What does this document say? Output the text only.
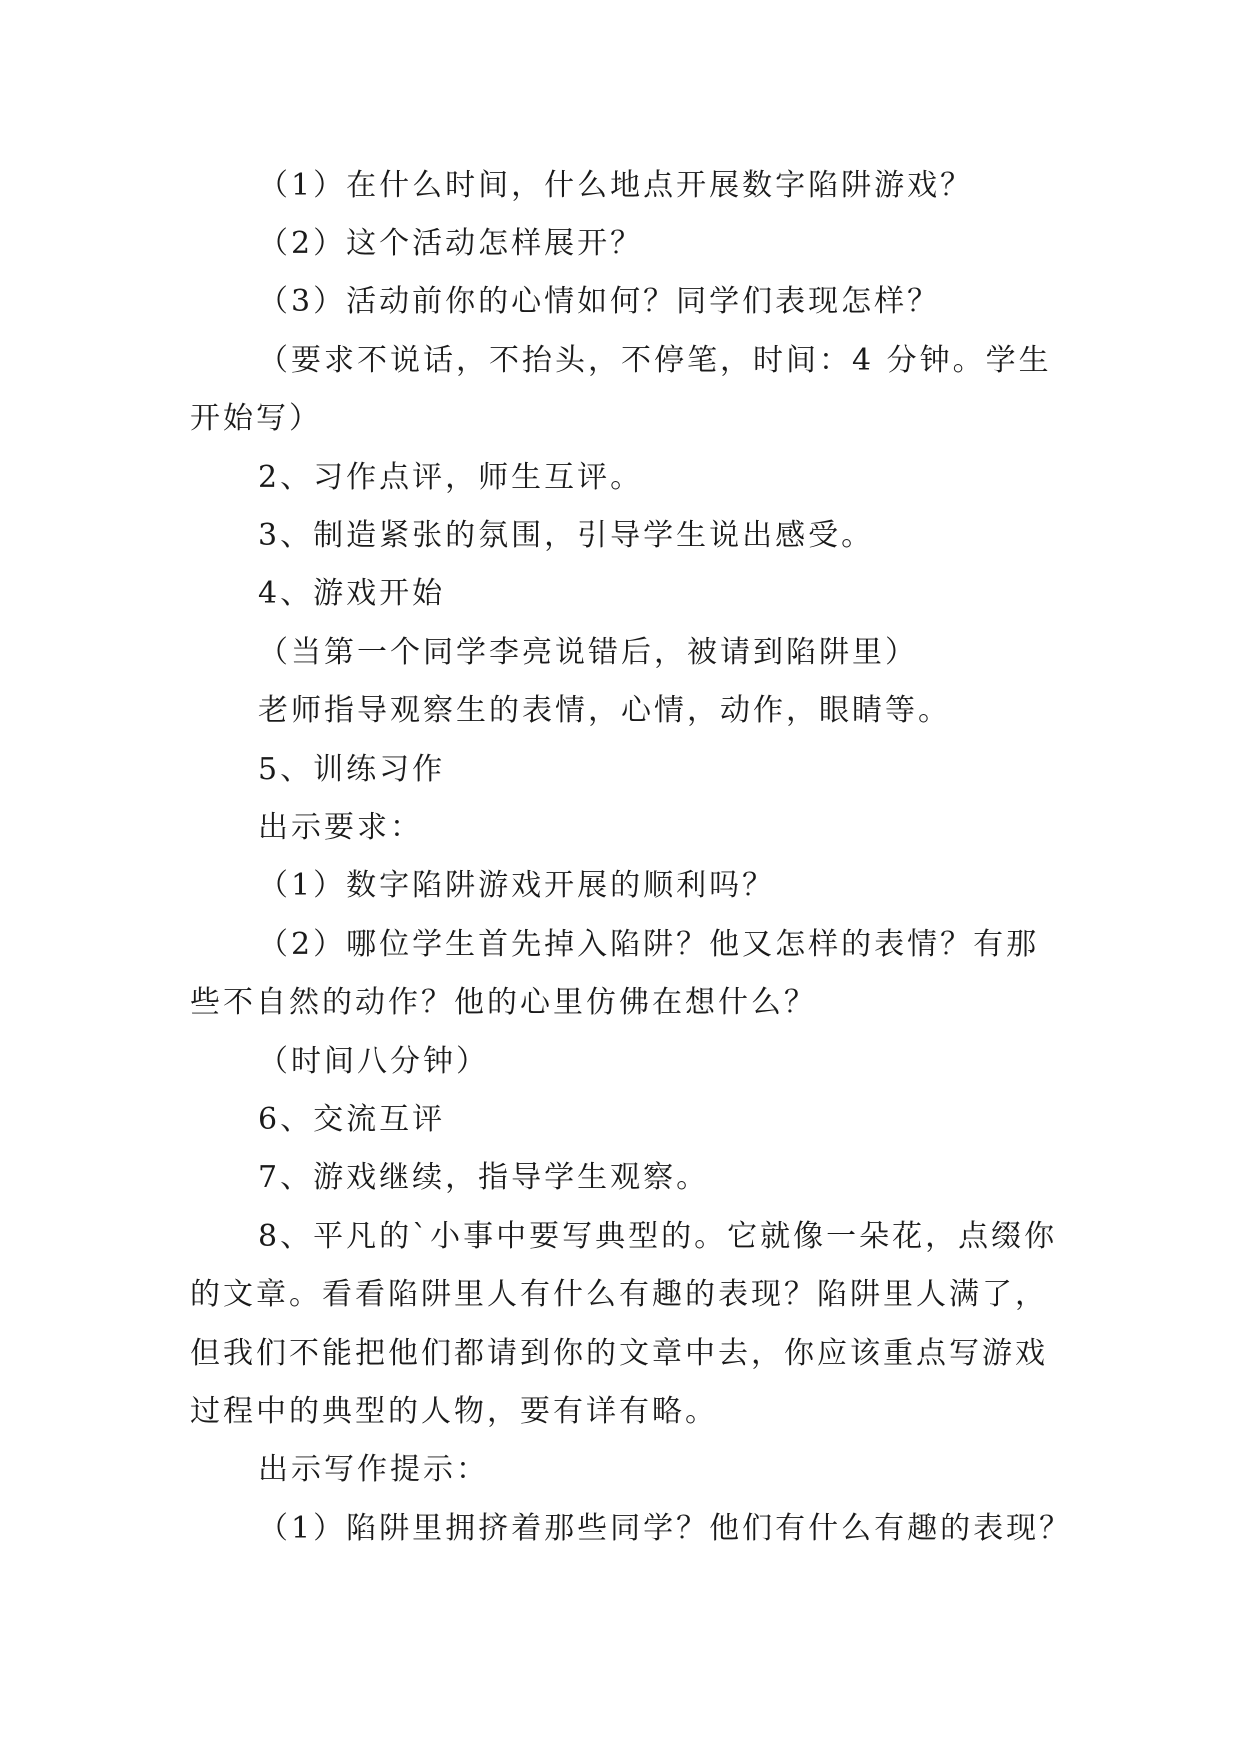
（1）在什么时间，什么地点开展数字陷阱游戏？
（2）这个活动怎样展开？
（3）活动前你的心情如何？同学们表现怎样？
（要求不说话，不抬头，不停笔，时间：4 分钟。学生
开始写）
2、习作点评，师生互评。
3、制造紧张的氛围，引导学生说出感受。
4、游戏开始
（当第一个同学李亮说错后，被请到陷阱里）
老师指导观察生的表情，心情，动作，眼睛等。
5、训练习作
出示要求：
（1）数字陷阱游戏开展的顺利吗？
（2）哪位学生首先掉入陷阱？他又怎样的表情？有那
些不自然的动作？他的心里仿佛在想什么？
（时间八分钟）
6、交流互评
7、游戏继续，指导学生观察。
8、平凡的`小事中要写典型的。它就像一朵花，点缀你
的文章。看看陷阱里人有什么有趣的表现？陷阱里人满了，
但我们不能把他们都请到你的文章中去，你应该重点写游戏
过程中的典型的人物，要有详有略。
出示写作提示：
（1）陷阱里拥挤着那些同学？他们有什么有趣的表现？
